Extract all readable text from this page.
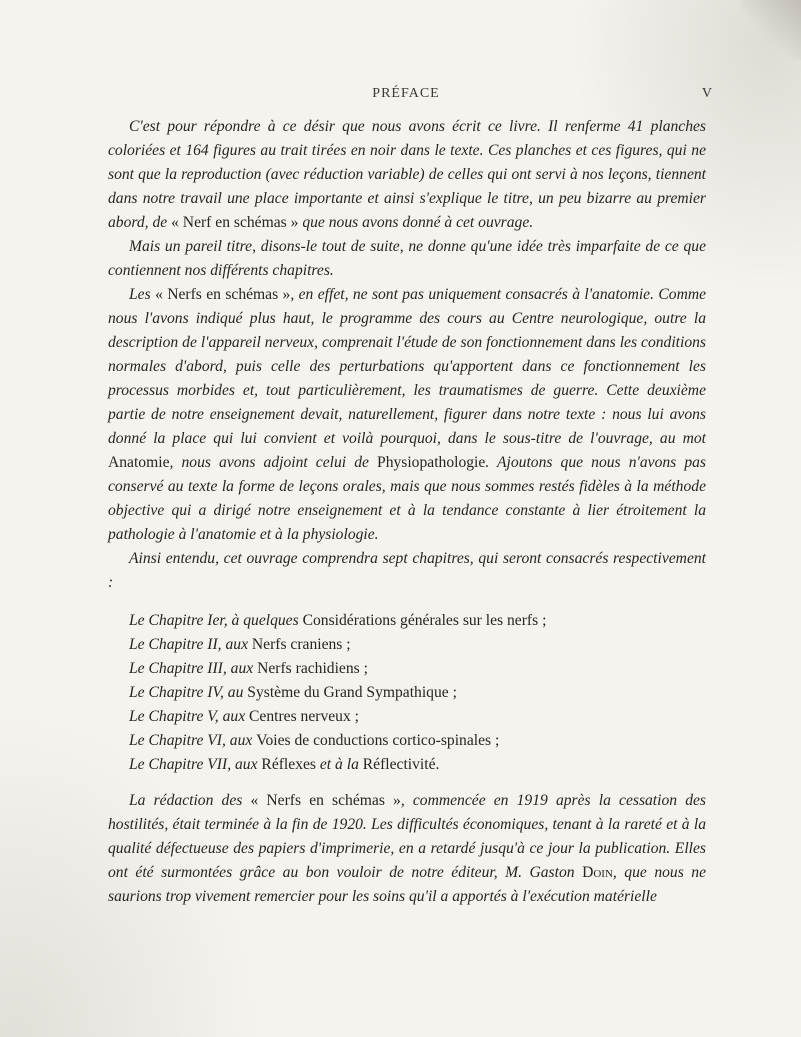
PRÉFACE	V

C'est pour répondre à ce désir que nous avons écrit ce livre. Il renferme 41 planches coloriées et 164 figures au trait tirées en noir dans le texte. Ces planches et ces figures, qui ne sont que la reproduction (avec réduction variable) de celles qui ont servi à nos leçons, tiennent dans notre travail une place importante et ainsi s'explique le titre, un peu bizarre au premier abord, de « Nerf en schémas » que nous avons donné à cet ouvrage.

Mais un pareil titre, disons-le tout de suite, ne donne qu'une idée très imparfaite de ce que contiennent nos différents chapitres.

Les « Nerfs en schémas », en effet, ne sont pas uniquement consacrés à l'anatomie. Comme nous l'avons indiqué plus haut, le programme des cours au Centre neurologique, outre la description de l'appareil nerveux, comprenait l'étude de son fonctionnement dans les conditions normales d'abord, puis celle des perturbations qu'apportent dans ce fonctionnement les processus morbides et, tout particulièrement, les traumatismes de guerre. Cette deuxième partie de notre enseignement devait, naturellement, figurer dans notre texte : nous lui avons donné la place qui lui convient et voilà pourquoi, dans le sous-titre de l'ouvrage, au mot Anatomie, nous avons adjoint celui de Physiopathologie. Ajoutons que nous n'avons pas conservé au texte la forme de leçons orales, mais que nous sommes restés fidèles à la méthode objective qui a dirigé notre enseignement et à la tendance constante à lier étroitement la pathologie à l'anatomie et à la physiologie.

Ainsi entendu, cet ouvrage comprendra sept chapitres, qui seront consacrés respectivement :

Le Chapitre Ier, à quelques Considérations générales sur les nerfs ;
Le Chapitre II, aux Nerfs craniens ;
Le Chapitre III, aux Nerfs rachidiens ;
Le Chapitre IV, au Système du Grand Sympathique ;
Le Chapitre V, aux Centres nerveux ;
Le Chapitre VI, aux Voies de conductions cortico-spinales ;
Le Chapitre VII, aux Réflexes et à la Réflectivité.

La rédaction des « Nerfs en schémas », commencée en 1919 après la cessation des hostilités, était terminée à la fin de 1920. Les difficultés économiques, tenant à la rareté et à la qualité défectueuse des papiers d'imprimerie, en a retardé jusqu'à ce jour la publication. Elles ont été surmontées grâce au bon vouloir de notre éditeur, M. Gaston Doin, que nous ne saurions trop vivement remercier pour les soins qu'il a apportés à l'exécution matérielle
